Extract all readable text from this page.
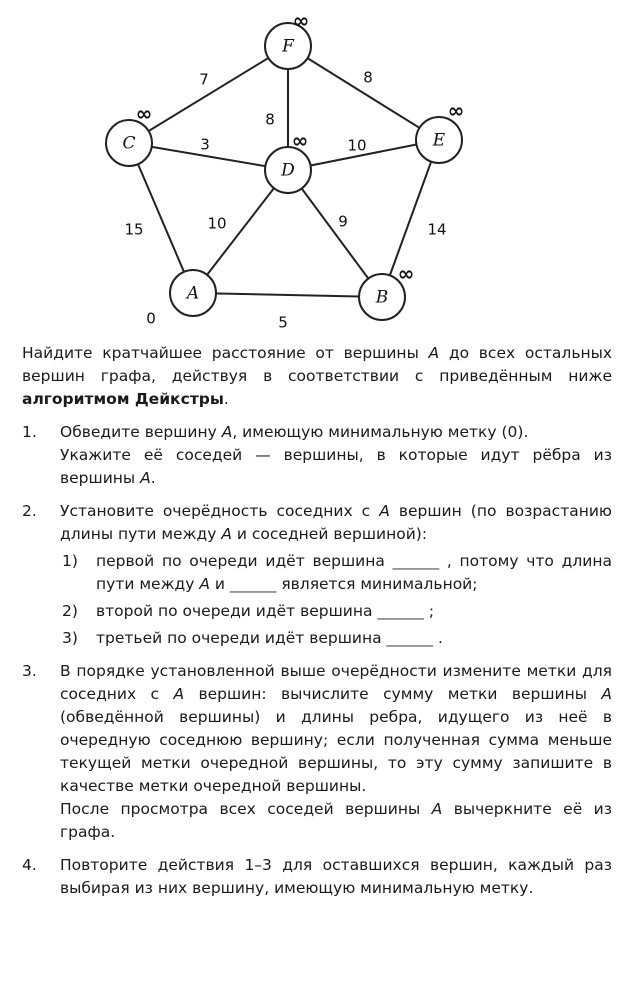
7	8
8
3	10
15	10	9	14
5
F
∞
C
∞
D
∞	E
∞
A
0
B
∞
Найдите кратчайшее расстояние от вершины A до всех остальных вершин графа, действуя в соответствии с приведённым ниже алгоритмом Дейкстры.
1.	Обведите вершину A, имеющую минимальную метку (0).
Укажите её соседей — вершины, в которые идут рёбра из вершины A.
2.	Установите очерёдность соседних с A вершин (по возрастанию длины пути между A и соседней вершиной):
1)	первой по очереди идёт вершина ______ , потому что длина пути между A и ______ является минимальной;
2)	второй по очереди идёт вершина ______ ;
3)	третьей по очереди идёт вершина ______ .
3.	В порядке установленной выше очерёдности измените метки для соседних с A вершин: вычислите сумму метки вершины A (обведённой вершины) и длины ребра, идущего из неё в очередную соседнюю вершину; если полученная сумма меньше текущей метки очередной вершины, то эту сумму запишите в качестве метки очередной вершины.
После просмотра всех соседей вершины A вычеркните её из графа.
4.	Повторите действия 1–3 для оставшихся вершин, каждый раз выбирая из них вершину, имеющую минимальную метку.
